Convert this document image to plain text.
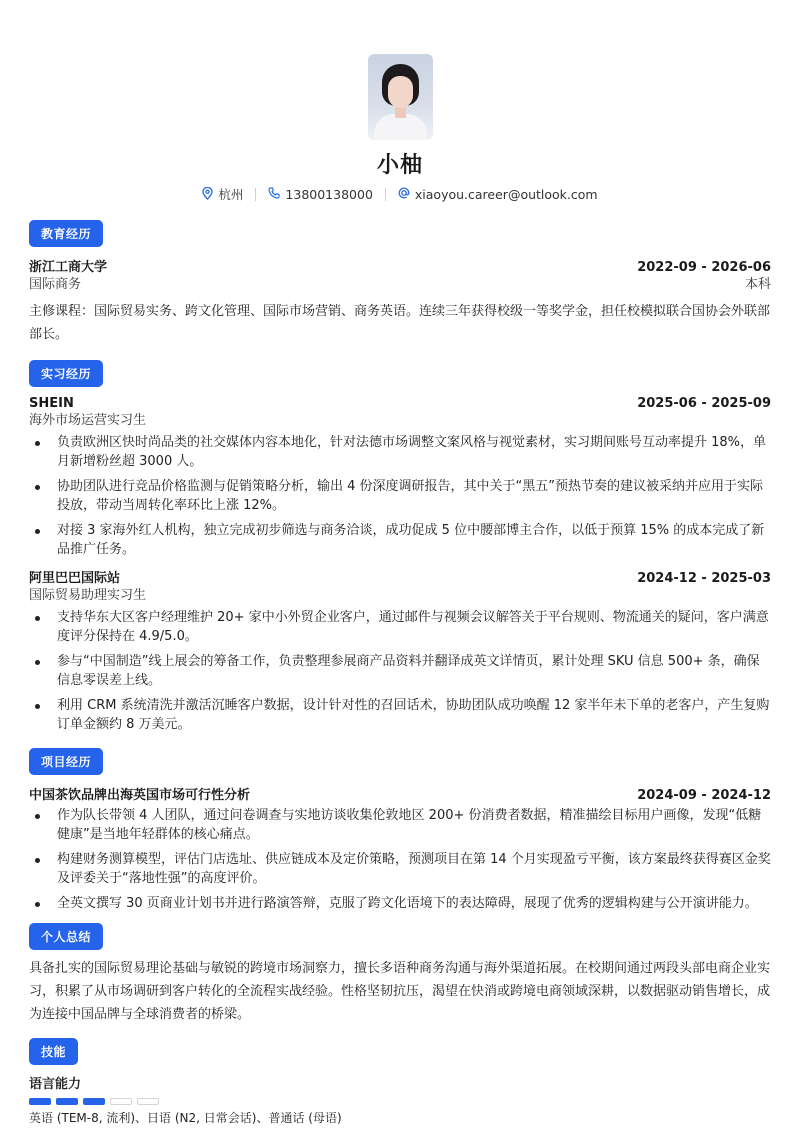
小柚
杭州	13800138000	xiaoyou.career@outlook.com
教育经历
浙江工商大学	2022-09 - 2026-06
国际商务	本科
主修课程：国际贸易实务、跨文化管理、国际市场营销、商务英语。连续三年获得校级一等奖学金，担任校模拟联合国协会外联部部长。
实习经历
SHEIN	2025-06 - 2025-09
海外市场运营实习生
负责欧洲区快时尚品类的社交媒体内容本地化，针对法德市场调整文案风格与视觉素材，实习期间账号互动率提升 18%，单月新增粉丝超 3000 人。
协助团队进行竞品价格监测与促销策略分析，输出 4 份深度调研报告，其中关于“黑五”预热节奏的建议被采纳并应用于实际投放，带动当周转化率环比上涨 12%。
对接 3 家海外红人机构，独立完成初步筛选与商务洽谈，成功促成 5 位中腰部博主合作，以低于预算 15% 的成本完成了新品推广任务。
阿里巴巴国际站	2024-12 - 2025-03
国际贸易助理实习生
支持华东大区客户经理维护 20+ 家中小外贸企业客户，通过邮件与视频会议解答关于平台规则、物流通关的疑问，客户满意度评分保持在 4.9/5.0。
参与“中国制造”线上展会的筹备工作，负责整理参展商产品资料并翻译成英文详情页，累计处理 SKU 信息 500+ 条，确保信息零误差上线。
利用 CRM 系统清洗并激活沉睡客户数据，设计针对性的召回话术，协助团队成功唤醒 12 家半年未下单的老客户，产生复购订单金额约 8 万美元。
项目经历
中国茶饮品牌出海英国市场可行性分析	2024-09 - 2024-12
作为队长带领 4 人团队，通过问卷调查与实地访谈收集伦敦地区 200+ 份消费者数据，精准描绘目标用户画像，发现“低糖健康”是当地年轻群体的核心痛点。
构建财务测算模型，评估门店选址、供应链成本及定价策略，预测项目在第 14 个月实现盈亏平衡，该方案最终获得赛区金奖及评委关于“落地性强”的高度评价。
全英文撰写 30 页商业计划书并进行路演答辩，克服了跨文化语境下的表达障碍，展现了优秀的逻辑构建与公开演讲能力。
个人总结
具备扎实的国际贸易理论基础与敏锐的跨境市场洞察力，擅长多语种商务沟通与海外渠道拓展。在校期间通过两段头部电商企业实习，积累了从市场调研到客户转化的全流程实战经验。性格坚韧抗压，渴望在快消或跨境电商领域深耕，以数据驱动销售增长，成为连接中国品牌与全球消费者的桥梁。
技能
语言能力
英语 (TEM-8, 流利)、日语 (N2, 日常会话)、普通话 (母语)
